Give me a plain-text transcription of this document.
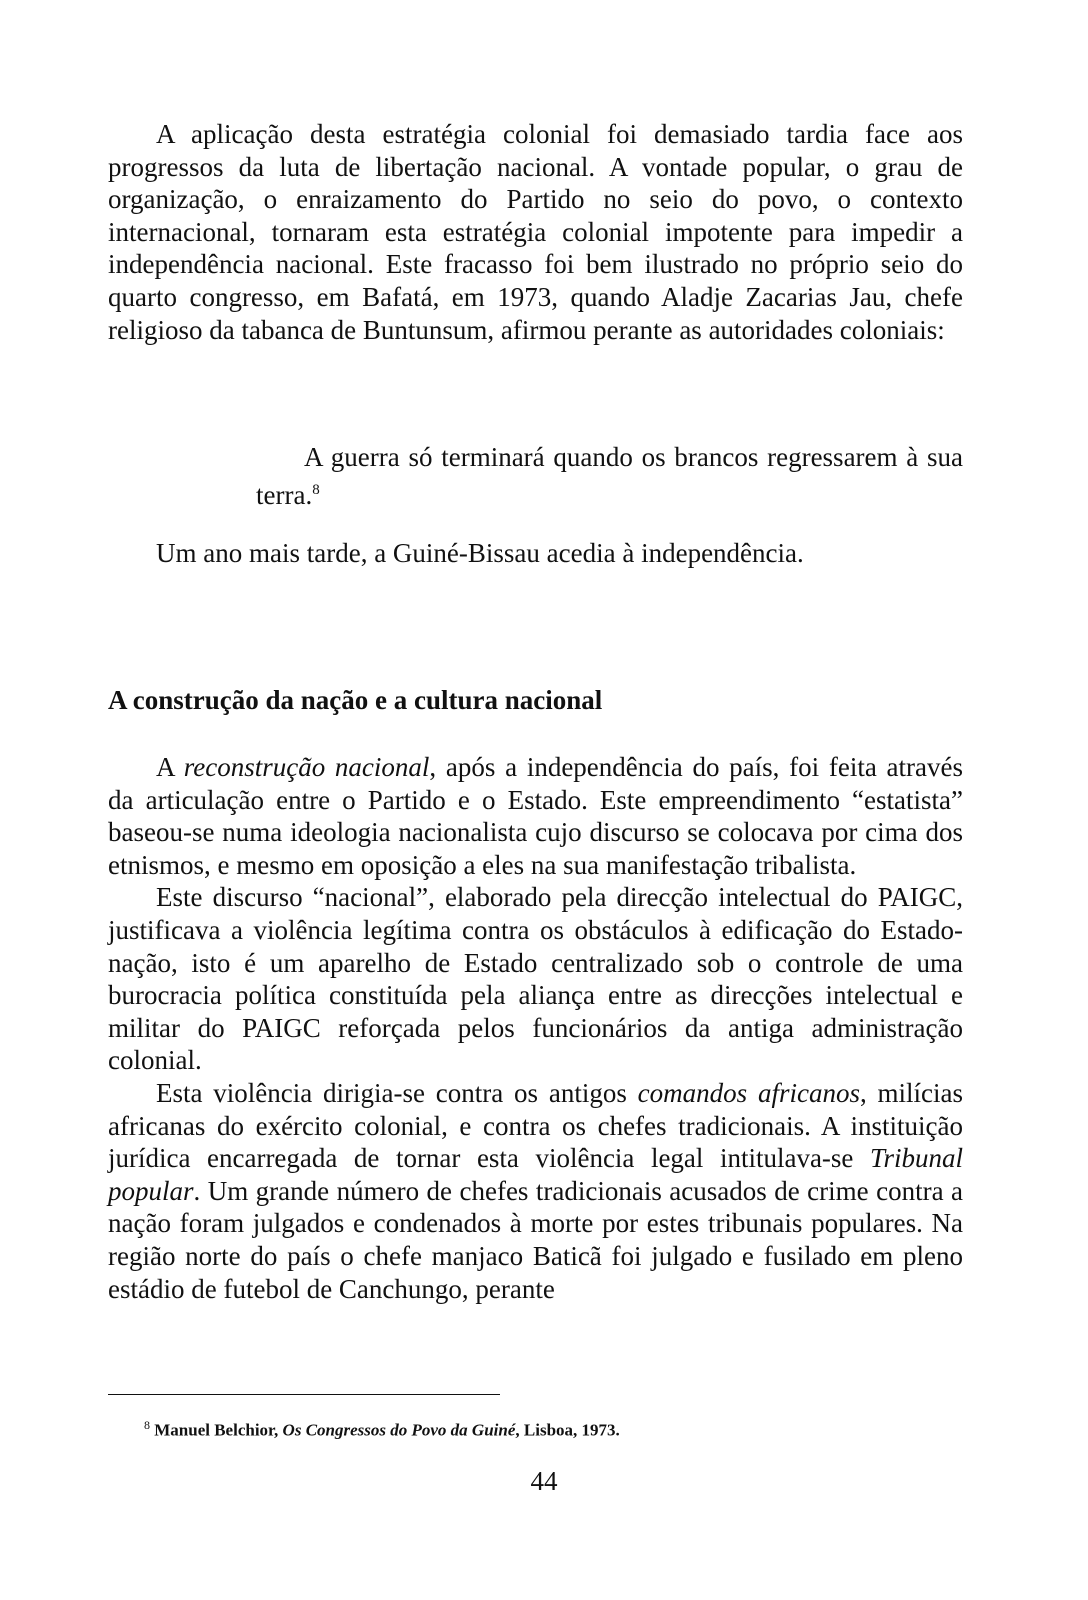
A aplicação desta estratégia colonial foi demasiado tardia face aos progressos da luta de libertação nacional. A vontade popular, o grau de organização, o enraizamento do Partido no seio do povo, o contexto internacional, tornaram esta estratégia colonial impotente para impedir a independência nacional. Este fracasso foi bem ilustrado no próprio seio do quarto congresso, em Bafatá, em 1973, quando Aladje Zacarias Jau, chefe religioso da tabanca de Buntunsum, afirmou perante as autoridades coloniais:

A guerra só terminará quando os brancos regressarem à sua terra.$^8$

Um ano mais tarde, a Guiné-Bissau acedia à independência.

A construção da nação e a cultura nacional

A reconstrução nacional, após a independência do país, foi feita através da articulação entre o Partido e o Estado. Este empreendimento “estatista” baseou-se numa ideologia nacionalista cujo discurso se colocava por cima dos etnismos, e mesmo em oposição a eles na sua manifestação tribalista.

Este discurso “nacional”, elaborado pela direcção intelectual do PAIGC, justificava a violência legítima contra os obstáculos à edificação do Estado-nação, isto é um aparelho de Estado centralizado sob o controle de uma burocracia política constituída pela aliança entre as direcções intelectual e militar do PAIGC reforçada pelos funcionários da antiga administração colonial.

Esta violência dirigia-se contra os antigos comandos africanos, milícias africanas do exército colonial, e contra os chefes tradicionais. A instituição jurídica encarregada de tornar esta violência legal intitulava-se Tribunal popular. Um grande número de chefes tradicionais acusados de crime contra a nação foram julgados e condenados à morte por estes tribunais populares. Na região norte do país o chefe manjaco Baticã foi julgado e fusilado em pleno estádio de futebol de Canchungo, perante

$^8$ Manuel Belchior, Os Congressos do Povo da Guiné, Lisboa, 1973.
44
